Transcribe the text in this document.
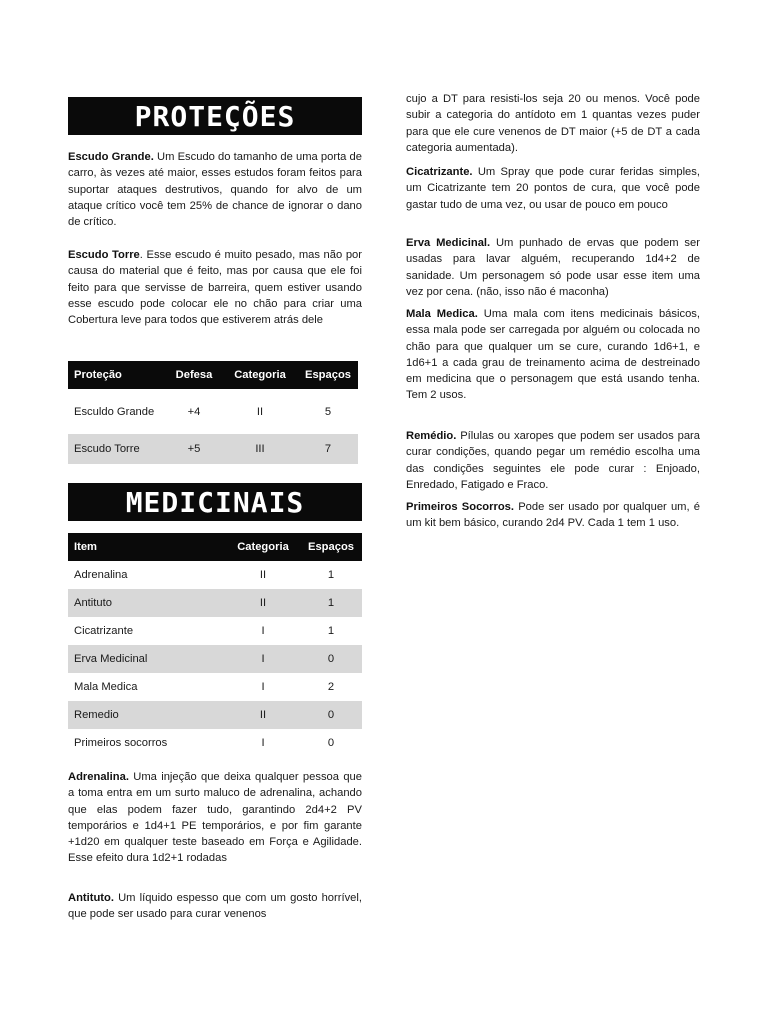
PROTEÇÕES

Escudo Grande. Um Escudo do tamanho de uma porta de carro, às vezes até maior, esses estudos foram feitos para suportar ataques destrutivos, quando for alvo de um ataque crítico você tem 25% de chance de ignorar o dano de crítico.

Escudo Torre. Esse escudo é muito pesado, mas não por causa do material que é feito, mas por causa que ele foi feito para que servisse de barreira, quem estiver usando esse escudo pode colocar ele no chão para criar uma Cobertura leve para todos que estiverem atrás dele

Proteção	Defesa	Categoria	Espaços
Esculdo Grande	+4	II	5
Escudo Torre	+5	III	7
MEDICINAIS
Item	Categoria	Espaços
Adrenalina	II	1
Antituto	II	1
Cicatrizante	I	1
Erva Medicinal	I	0
Mala Medica	I	2
Remedio	II	0
Primeiros socorros	I	0

Adrenalina. Uma injeção que deixa qualquer pessoa que a toma entra em um surto maluco de adrenalina, achando que elas podem fazer tudo, garantindo 2d4+2 PV temporários e 1d4+1 PE temporários, e por fim garante +1d20 em qualquer teste baseado em Força e Agilidade. Esse efeito dura 1d2+1 rodadas

Antituto. Um líquido espesso que com um gosto horrível, que pode ser usado para curar venenos

cujo a DT para resisti-los seja 20 ou menos. Você pode subir a categoria do antídoto em 1 quantas vezes puder para que ele cure venenos de DT maior (+5 de DT a cada categoria aumentada).

Cicatrizante. Um Spray que pode curar feridas simples, um Cicatrizante tem 20 pontos de cura, que você pode gastar tudo de uma vez, ou usar de pouco em pouco

Erva Medicinal. Um punhado de ervas que podem ser usadas para lavar alguém, recuperando 1d4+2 de sanidade. Um personagem só pode usar esse item uma vez por cena. (não, isso não é maconha)

Mala Medica. Uma mala com itens medicinais básicos, essa mala pode ser carregada por alguém ou colocada no chão para que qualquer um se cure, curando 1d6+1, e 1d6+1 a cada grau de treinamento acima de destreinado em medicina que o personagem que está usando tenha. Tem 2 usos.

Remédio. Pílulas ou xaropes que podem ser usados para curar condições, quando pegar um remédio escolha uma das condições seguintes ele pode curar : Enjoado, Enredado, Fatigado e Fraco.

Primeiros Socorros. Pode ser usado por qualquer um, é um kit bem básico, curando 2d4 PV. Cada 1 tem 1 uso.
